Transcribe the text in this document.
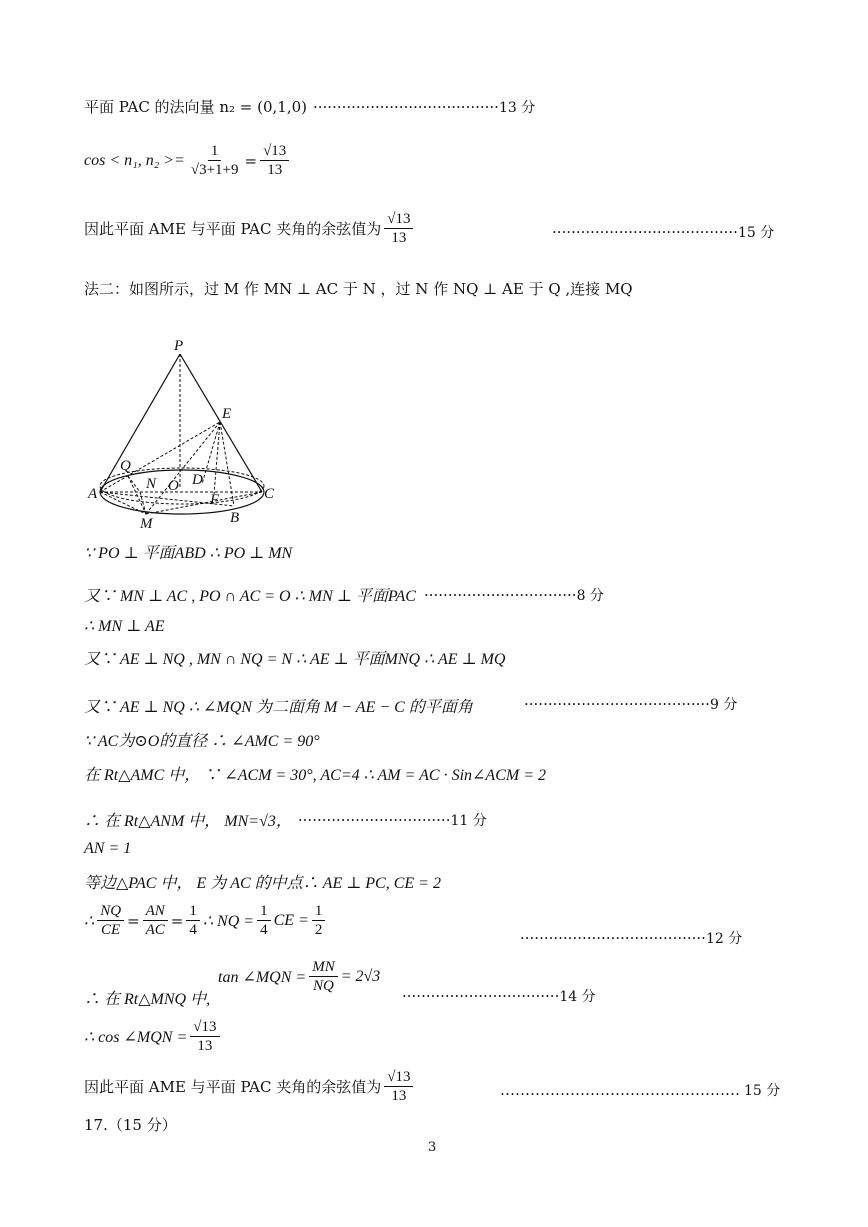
平面 PAC 的法向量 n₂ = (0,1,0) ······································· 13 分
cos < n₁, $n_2 >= \frac{1}{√3+1+9} = \frac{√13}{13}$
因此平面 AME 与平面 PAC 夹角的余弦值为 $\frac{√13}{13}$	······································· 15 分
法二：如图所示，过 M 作 MN ⊥ AC 于 N ，过 N 作 NQ ⊥ AE 于 Q ,连接 MQ
P
E
Q
N O D
A	C
F
B
M
∵ PO ⊥ 平面ABD ∴ PO ⊥ MN
又∵ MN ⊥ AC , PO ∩ AC = O ∴ MN ⊥ 平面PAC ································ 8 分
∴ MN ⊥ AE
又∵ AE ⊥ NQ , MN ∩ NQ = N ∴ AE ⊥ 平面MNQ ∴ AE ⊥ MQ
又∵ AE ⊥ NQ ∴ ∠MQN 为二面角 M − AE − C 的平面角	······································· 9 分
∵ AC为⊙O的直径 ∴ ∠AMC = 90°
在 Rt△AMC 中， ∵ ∠ACM = 30°, AC=4 ∴ AM = AC · Sin∠ACM = 2
∴ 在 Rt△ANM 中， MN=√3， ································ 11 分
AN = 1
等边△PAC 中， E 为 AC 的中点∴ AE ⊥ PC, CE = 2
∴ $\frac{NQ}{CE} = \frac{AN}{AC} = \frac{1}{4}$ ∴ NQ = $\frac{1}{4}$ CE = $\frac{1}{2}$	······································· 12 分
tan ∠MQN = $\frac{MN}{NQ} = 2√3$
∴ 在 Rt△MNQ 中,	································· 14 分
∴ cos ∠MQN = $\frac{√13}{13}$
因此平面 AME 与平面 PAC 夹角的余弦值为 $\frac{√13}{13}$	………………………………………… 15 分
17.（15 分）
3
